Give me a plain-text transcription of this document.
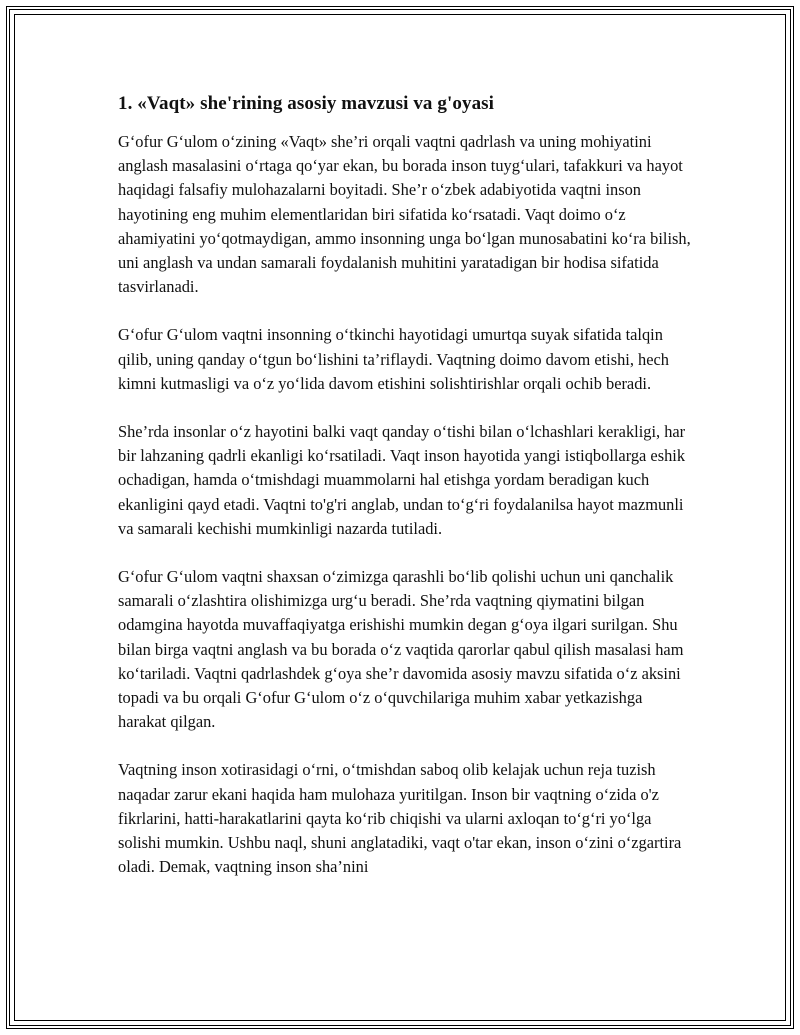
1. «Vaqt» she'rining asosiy mavzusi va g'oyasi

G‘ofur G‘ulom o‘zining «Vaqt» she’ri orqali vaqtni qadrlash va uning mohiyatini anglash masalasini o‘rtaga qo‘yar ekan, bu borada inson tuyg‘ulari, tafakkuri va hayot haqidagi falsafiy mulohazalarni boyitadi. She’r o‘zbek adabiyotida vaqtni inson hayotining eng muhim elementlaridan biri sifatida ko‘rsatadi. Vaqt doimo o‘z ahamiyatini yo‘qotmaydigan, ammo insonning unga bo‘lgan munosabatini ko‘ra bilish, uni anglash va undan samarali foydalanish muhitini yaratadigan bir hodisa sifatida tasvirlanadi.

G‘ofur G‘ulom vaqtni insonning o‘tkinchi hayotidagi umurtqa suyak sifatida talqin qilib, uning qanday o‘tgun bo‘lishini ta’riflaydi. Vaqtning doimo davom etishi, hech kimni kutmasligi va o‘z yo‘lida davom etishini solishtirishlar orqali ochib beradi.

She’rda insonlar o‘z hayotini balki vaqt qanday o‘tishi bilan o‘lchashlari kerakligi, har bir lahzaning qadrli ekanligi ko‘rsatiladi. Vaqt inson hayotida yangi istiqbollarga eshik ochadigan, hamda o‘tmishdagi muammolarni hal etishga yordam beradigan kuch ekanligini qayd etadi. Vaqtni to'g'ri anglab, undan to‘g‘ri foydalanilsa hayot mazmunli va samarali kechishi mumkinligi nazarda tutiladi.

G‘ofur G‘ulom vaqtni shaxsan o‘zimizga qarashli bo‘lib qolishi uchun uni qanchalik samarali o‘zlashtira olishimizga urg‘u beradi. She’rda vaqtning qiymatini bilgan odamgina hayotda muvaffaqiyatga erishishi mumkin degan g‘oya ilgari surilgan. Shu bilan birga vaqtni anglash va bu borada o‘z vaqtida qarorlar qabul qilish masalasi ham ko‘tariladi. Vaqtni qadrlashdek g‘oya she’r davomida asosiy mavzu sifatida o‘z aksini topadi va bu orqali G‘ofur G‘ulom o‘z o‘quvchilariga muhim xabar yetkazishga harakat qilgan.

Vaqtning inson xotirasidagi o‘rni, o‘tmishdan saboq olib kelajak uchun reja tuzish naqadar zarur ekani haqida ham mulohaza yuritilgan. Inson bir vaqtning o‘zida o'z fikrlarini, hatti-harakatlarini qayta ko‘rib chiqishi va ularni axloqan to‘g‘ri yo‘lga solishi mumkin. Ushbu naql, shuni anglatadiki, vaqt o'tar ekan, inson o‘zini o‘zgartira oladi. Demak, vaqtning inson sha’nini
